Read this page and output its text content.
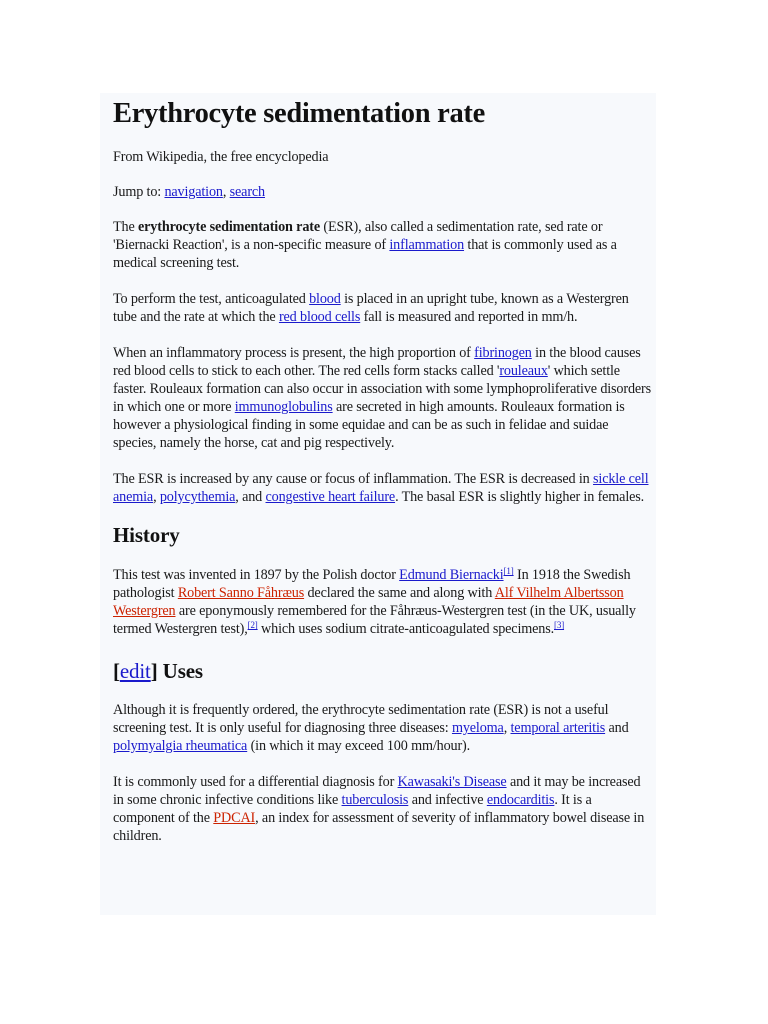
Erythrocyte sedimentation rate

From Wikipedia, the free encyclopedia

Jump to: navigation, search

The erythrocyte sedimentation rate (ESR), also called a sedimentation rate, sed rate or 'Biernacki Reaction', is a non-specific measure of inflammation that is commonly used as a medical screening test.

To perform the test, anticoagulated blood is placed in an upright tube, known as a Westergren tube and the rate at which the red blood cells fall is measured and reported in mm/h.

When an inflammatory process is present, the high proportion of fibrinogen in the blood causes red blood cells to stick to each other. The red cells form stacks called 'rouleaux' which settle faster. Rouleaux formation can also occur in association with some lymphoproliferative disorders in which one or more immunoglobulins are secreted in high amounts. Rouleaux formation is however a physiological finding in some equidae and can be as such in felidae and suidae species, namely the horse, cat and pig respectively.

The ESR is increased by any cause or focus of inflammation. The ESR is decreased in sickle cell anemia, polycythemia, and congestive heart failure. The basal ESR is slightly higher in females.

History

This test was invented in 1897 by the Polish doctor Edmund Biernacki[1] In 1918 the Swedish pathologist Robert Sanno Fåhræus declared the same and along with Alf Vilhelm Albertsson Westergren are eponymously remembered for the Fåhræus-Westergren test (in the UK, usually termed Westergren test),[2] which uses sodium citrate-anticoagulated specimens.[3]

[edit] Uses

Although it is frequently ordered, the erythrocyte sedimentation rate (ESR) is not a useful screening test. It is only useful for diagnosing three diseases: myeloma, temporal arteritis and polymyalgia rheumatica (in which it may exceed 100 mm/hour).

It is commonly used for a differential diagnosis for Kawasaki's Disease and it may be increased in some chronic infective conditions like tuberculosis and infective endocarditis. It is a component of the PDCAI, an index for assessment of severity of inflammatory bowel disease in children.
